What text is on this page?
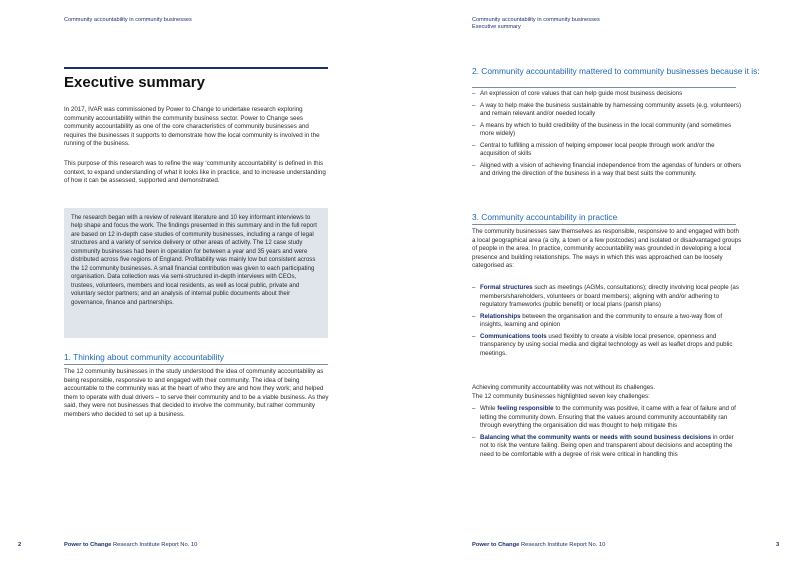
Community accountability in community businesses
Executive summary

In 2017, IVAR was commissioned by Power to Change to undertake research exploring community accountability within the community business sector. Power to Change sees community accountability as one of the core characteristics of community businesses and requires the businesses it supports to demonstrate how the local community is involved in the running of the business.

This purpose of this research was to refine the way ‘community accountability’ is defined in this context, to expand understanding of what it looks like in practice, and to increase understanding of how it can be assessed, supported and demonstrated.

The research began with a review of relevant literature and 10 key informant interviews to help shape and focus the work. The findings presented in this summary and in the full report are based on 12 in-depth case studies of community businesses, including a range of legal structures and a variety of service delivery or other areas of activity. The 12 case study community businesses had been in operation for between a year and 35 years and were distributed across five regions of England. Profitability was mainly low but consistent across the 12 community businesses. A small financial contribution was given to each participating organisation. Data collection was via semi-structured in-depth interviews with CEOs, trustees, volunteers, members and local residents, as well as local public, private and voluntary sector partners; and an analysis of internal public documents about their governance, finance and partnerships.

1. Thinking about community accountability

The 12 community businesses in the study understood the idea of community accountability as being responsible, responsive to and engaged with their community. The idea of being accountable to the community was at the heart of who they are and how they work; and helped them to operate with dual drivers – to serve their community and to be a viable business. As they said, they were not businesses that decided to involve the community, but rather community members who decided to set up a business.

2	Power to Change Research Institute Report No. 10
Community accountability in community businesses
Executive summary
2. Community accountability mattered to community businesses because it is:
– An expression of core values that can help guide most business decisions
– A way to help make the business sustainable by harnessing community assets (e.g. volunteers) and remain relevant and/or needed locally
– A means by which to build credibility of the business in the local community (and sometimes more widely)
– Central to fulfilling a mission of helping empower local people through work and/or the acquisition of skills
– Aligned with a vision of achieving financial independence from the agendas of funders or others and driving the direction of the business in a way that best suits the community.
3. Community accountability in practice

The community businesses saw themselves as responsible, responsive to and engaged with both a local geographical area (a city, a town or a few postcodes) and isolated or disadvantaged groups of people in the area. In practice, community accountability was grounded in developing a local presence and building relationships. The ways in which this was approached can be loosely categorised as:

– Formal structures such as meetings (AGMs, consultations); directly involving local people (as members/shareholders, volunteers or board members); aligning with and/or adhering to regulatory frameworks (public benefit) or local plans (parish plans)
– Relationships between the organisation and the community to ensure a two-way flow of insights, learning and opinion
– Communications tools used flexibly to create a visible local presence, openness and transparency by using social media and digital technology as well as leaflet drops and public meetings.
Achieving community accountability was not without its challenges.
The 12 community businesses highlighted seven key challenges:
– While feeling responsible to the community was positive, it came with a fear of failure and of letting the community down. Ensuring that the values around community accountability ran through everything the organisation did was thought to help mitigate this
– Balancing what the community wants or needs with sound business decisions in order not to risk the venture failing. Being open and transparent about decisions and accepting the need to be comfortable with a degree of risk were critical in handling this
3
Power to Change Research Institute Report No. 10
